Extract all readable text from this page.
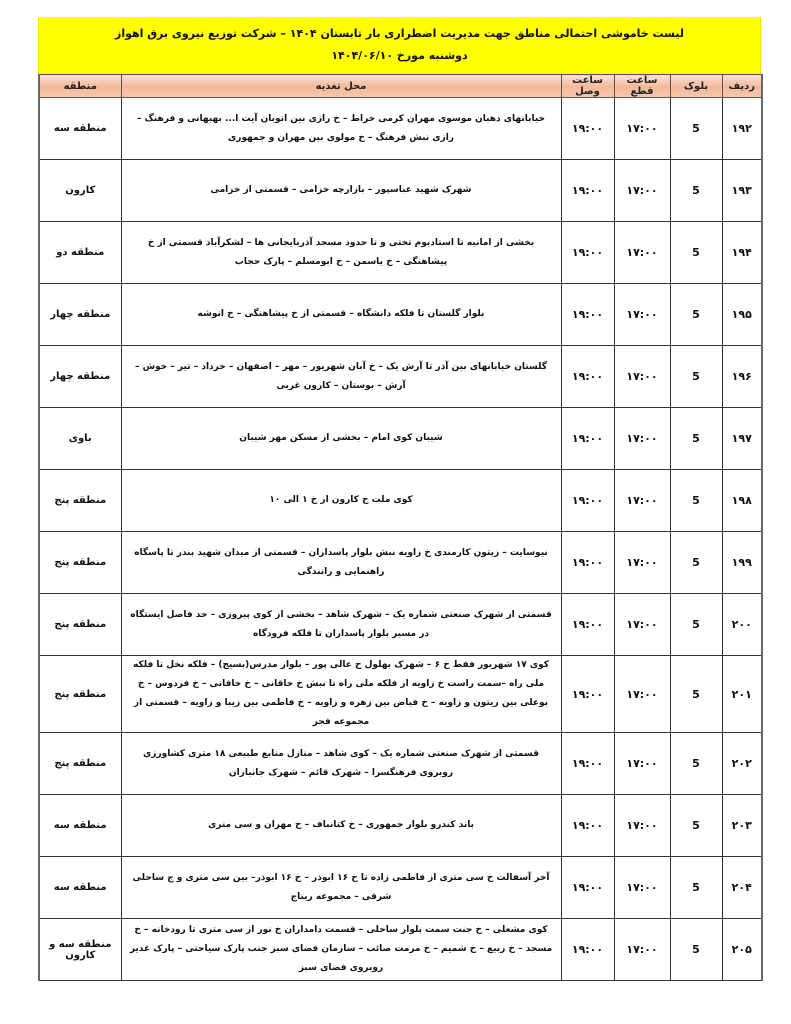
لیست خاموشی احتمالی مناطق جهت مدیریت اضطراری بار تابستان ۱۴۰۴ – شرکت توزیع نیروی برق اهواز
دوشنبه مورخ ۱۴۰۴/۰۶/۱۰
ردیف	بلوک	ساعت قطع	ساعت وصل	محل تغذیه	منطقه
۱۹۲	5	۱۷:۰۰	۱۹:۰۰	خیابانهای دهبان موسوی مهران کرمی خراط – خ رازی بین اتوبان آیت ا... بهبهانی و فرهنگ – رازی نبش فرهنگ – خ مولوی بین مهران و جمهوری	منطقه سه
۱۹۳	5	۱۷:۰۰	۱۹:۰۰	شهرک شهید عباسپور – بازارچه خزامی – قسمتی از خزامی	کارون
۱۹۴	5	۱۷:۰۰	۱۹:۰۰	بخشی از امانیه تا استادیوم تختی و تا حدود مسجد آذربایجانی ها – لشکرآباد قسمتی از خ پیشاهنگی – خ یاسمن – خ ابومسلم – پارک حجاب	منطقه دو
۱۹۵	5	۱۷:۰۰	۱۹:۰۰	بلوار گلستان تا فلکه دانشگاه – قسمتی از خ پیشاهنگی – خ انوشه	منطقه چهار
۱۹۶	5	۱۷:۰۰	۱۹:۰۰	گلستان خیابانهای بین آذر تا آرش یک – خ آبان شهریور – مهر – اصفهان – خرداد – تیر – خوش – آرش – بوستان – کارون غربی	منطقه چهار
۱۹۷	5	۱۷:۰۰	۱۹:۰۰	شیبان کوی امام – بخشی از مسکن مهر شیبان	باوی
۱۹۸	5	۱۷:۰۰	۱۹:۰۰	کوی ملت خ کارون از خ ۱ الی ۱۰	منطقه پنج
۱۹۹	5	۱۷:۰۰	۱۹:۰۰	نیوسایت – زیتون کارمندی خ زاویه نبش بلوار پاسداران – قسمتی از میدان شهید بندر تا پاسگاه راهنمایی و رانندگی	منطقه پنج
۲۰۰	5	۱۷:۰۰	۱۹:۰۰	قسمتی از شهرک صنعتی شماره یک – شهرک شاهد – بخشی از کوی پیروزی – حد فاصل ایستگاه در مسیر بلوار پاسداران تا فلکه فرودگاه	منطقه پنج
۲۰۱	5	۱۷:۰۰	۱۹:۰۰	کوی ۱۷ شهریور فقط خ ۶ – شهرک بهلول خ عالی پور – بلوار مدرس(بسیج) – فلکه نخل تا فلکه ملی راه –سمت راست خ زاویه از فلکه ملی راه تا نبش خ خاقانی – خ خاقانی – خ فردوس – خ بوعلی بین زیتون و زاویه – خ فیاض بین زهره و زاویه – خ فاطمی بین زیبا و زاویه – قسمتی از مجموعه فجر	منطقه پنج
۲۰۲	5	۱۷:۰۰	۱۹:۰۰	قسمتی از شهرک صنعتی شماره یک – کوی شاهد – منازل منابع طبیعی ۱۸ متری کشاورزی روبروی فرهنگسرا – شهرک قائم – شهرک جانبازان	منطقه پنج
۲۰۳	5	۱۷:۰۰	۱۹:۰۰	باند کندرو بلوار جمهوری – خ کتانباف – خ مهران و سی متری	منطقه سه
۲۰۴	5	۱۷:۰۰	۱۹:۰۰	آخر آسفالت خ سی متری از فاطمی زاده تا خ ۱۶ ابوذر – خ ۱۶ ابوذر– بین سی متری و ج ساحلی شرقی – مجموعه ریتاج	منطقه سه
۲۰۵	5	۱۷:۰۰	۱۹:۰۰	کوی مشعلی – خ جنت سمت بلوار ساحلی – قسمت دامداران خ نور از سی متری تا رودخانه – خ مسجد – خ ربیع – خ شمیم – خ مرمت صائب – سازمان فضای سبز جنب پارک سیاحتی – پارک غدیر روبروی فضای سبز	منطقه سه و کارون
